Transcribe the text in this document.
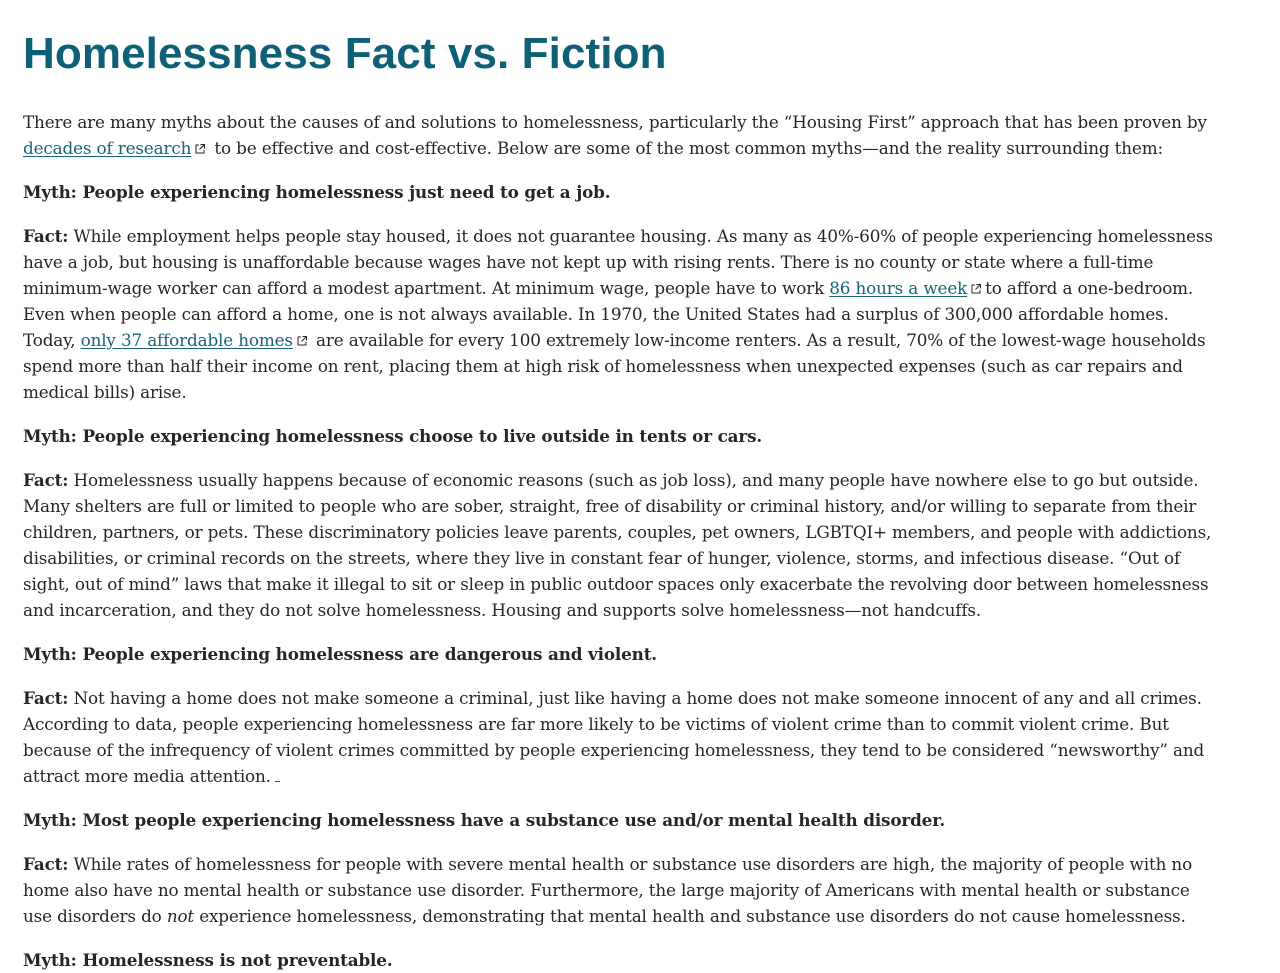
Homelessness Fact vs. Fiction

There are many myths about the causes of and solutions to homelessness, particularly the “Housing First” approach that has been proven by decades of research
to be effective and cost-effective. Below are some of the most common myths—and the reality surrounding them:

Myth: People experiencing homelessness just need to get a job.

Fact: While employment helps people stay housed, it does not guarantee housing. As many as 40%-60% of people experiencing homelessness have a job, but housing is unaffordable because wages have not kept up with rising rents. There is no county or state where a full-time minimum-wage worker can afford a modest apartment. At minimum wage, people have to work 86 hours a week to afford a one-bedroom. Even when people can afford a home, one is not always available. In 1970, the United States had a surplus of 300,000 affordable homes. Today, only 37 affordable homes
are available for every 100 extremely low-income renters. As a result, 70% of the lowest-wage households spend more than half their income on rent, placing them at high risk of homelessness when unexpected expenses (such as car repairs and medical bills) arise.

Myth: People experiencing homelessness choose to live outside in tents or cars.

Fact: Homelessness usually happens because of economic reasons (such as job loss), and many people have nowhere else to go but outside. Many shelters are full or limited to people who are sober, straight, free of disability or criminal history, and/or willing to separate from their children, partners, or pets. These discriminatory policies leave parents, couples, pet owners, LGBTQI+ members, and people with addictions, disabilities, or criminal records on the streets, where they live in constant fear of hunger, violence, storms, and infectious disease. “Out of sight, out of mind” laws that make it illegal to sit or sleep in public outdoor spaces only exacerbate the revolving door between homelessness and incarceration, and they do not solve homelessness. Housing and supports solve homelessness—not handcuffs.

Myth: People experiencing homelessness are dangerous and violent.

Fact: Not having a home does not make someone a criminal, just like having a home does not make someone innocent of any and all crimes. According to data, people experiencing homelessness are far more likely to be victims of violent crime than to commit violent crime. But because of the infrequency of violent crimes committed by people experiencing homelessness, they tend to be considered “newsworthy” and attract more media attention.

Myth: Most people experiencing homelessness have a substance use and/or mental health disorder.

Fact: While rates of homelessness for people with severe mental health or substance use disorders are high, the majority of people with no home also have no mental health or substance use disorder. Furthermore, the large majority of Americans with mental health or substance use disorders do not experience homelessness, demonstrating that mental health and substance use disorders do not cause homelessness.

Myth: Homelessness is not preventable.
